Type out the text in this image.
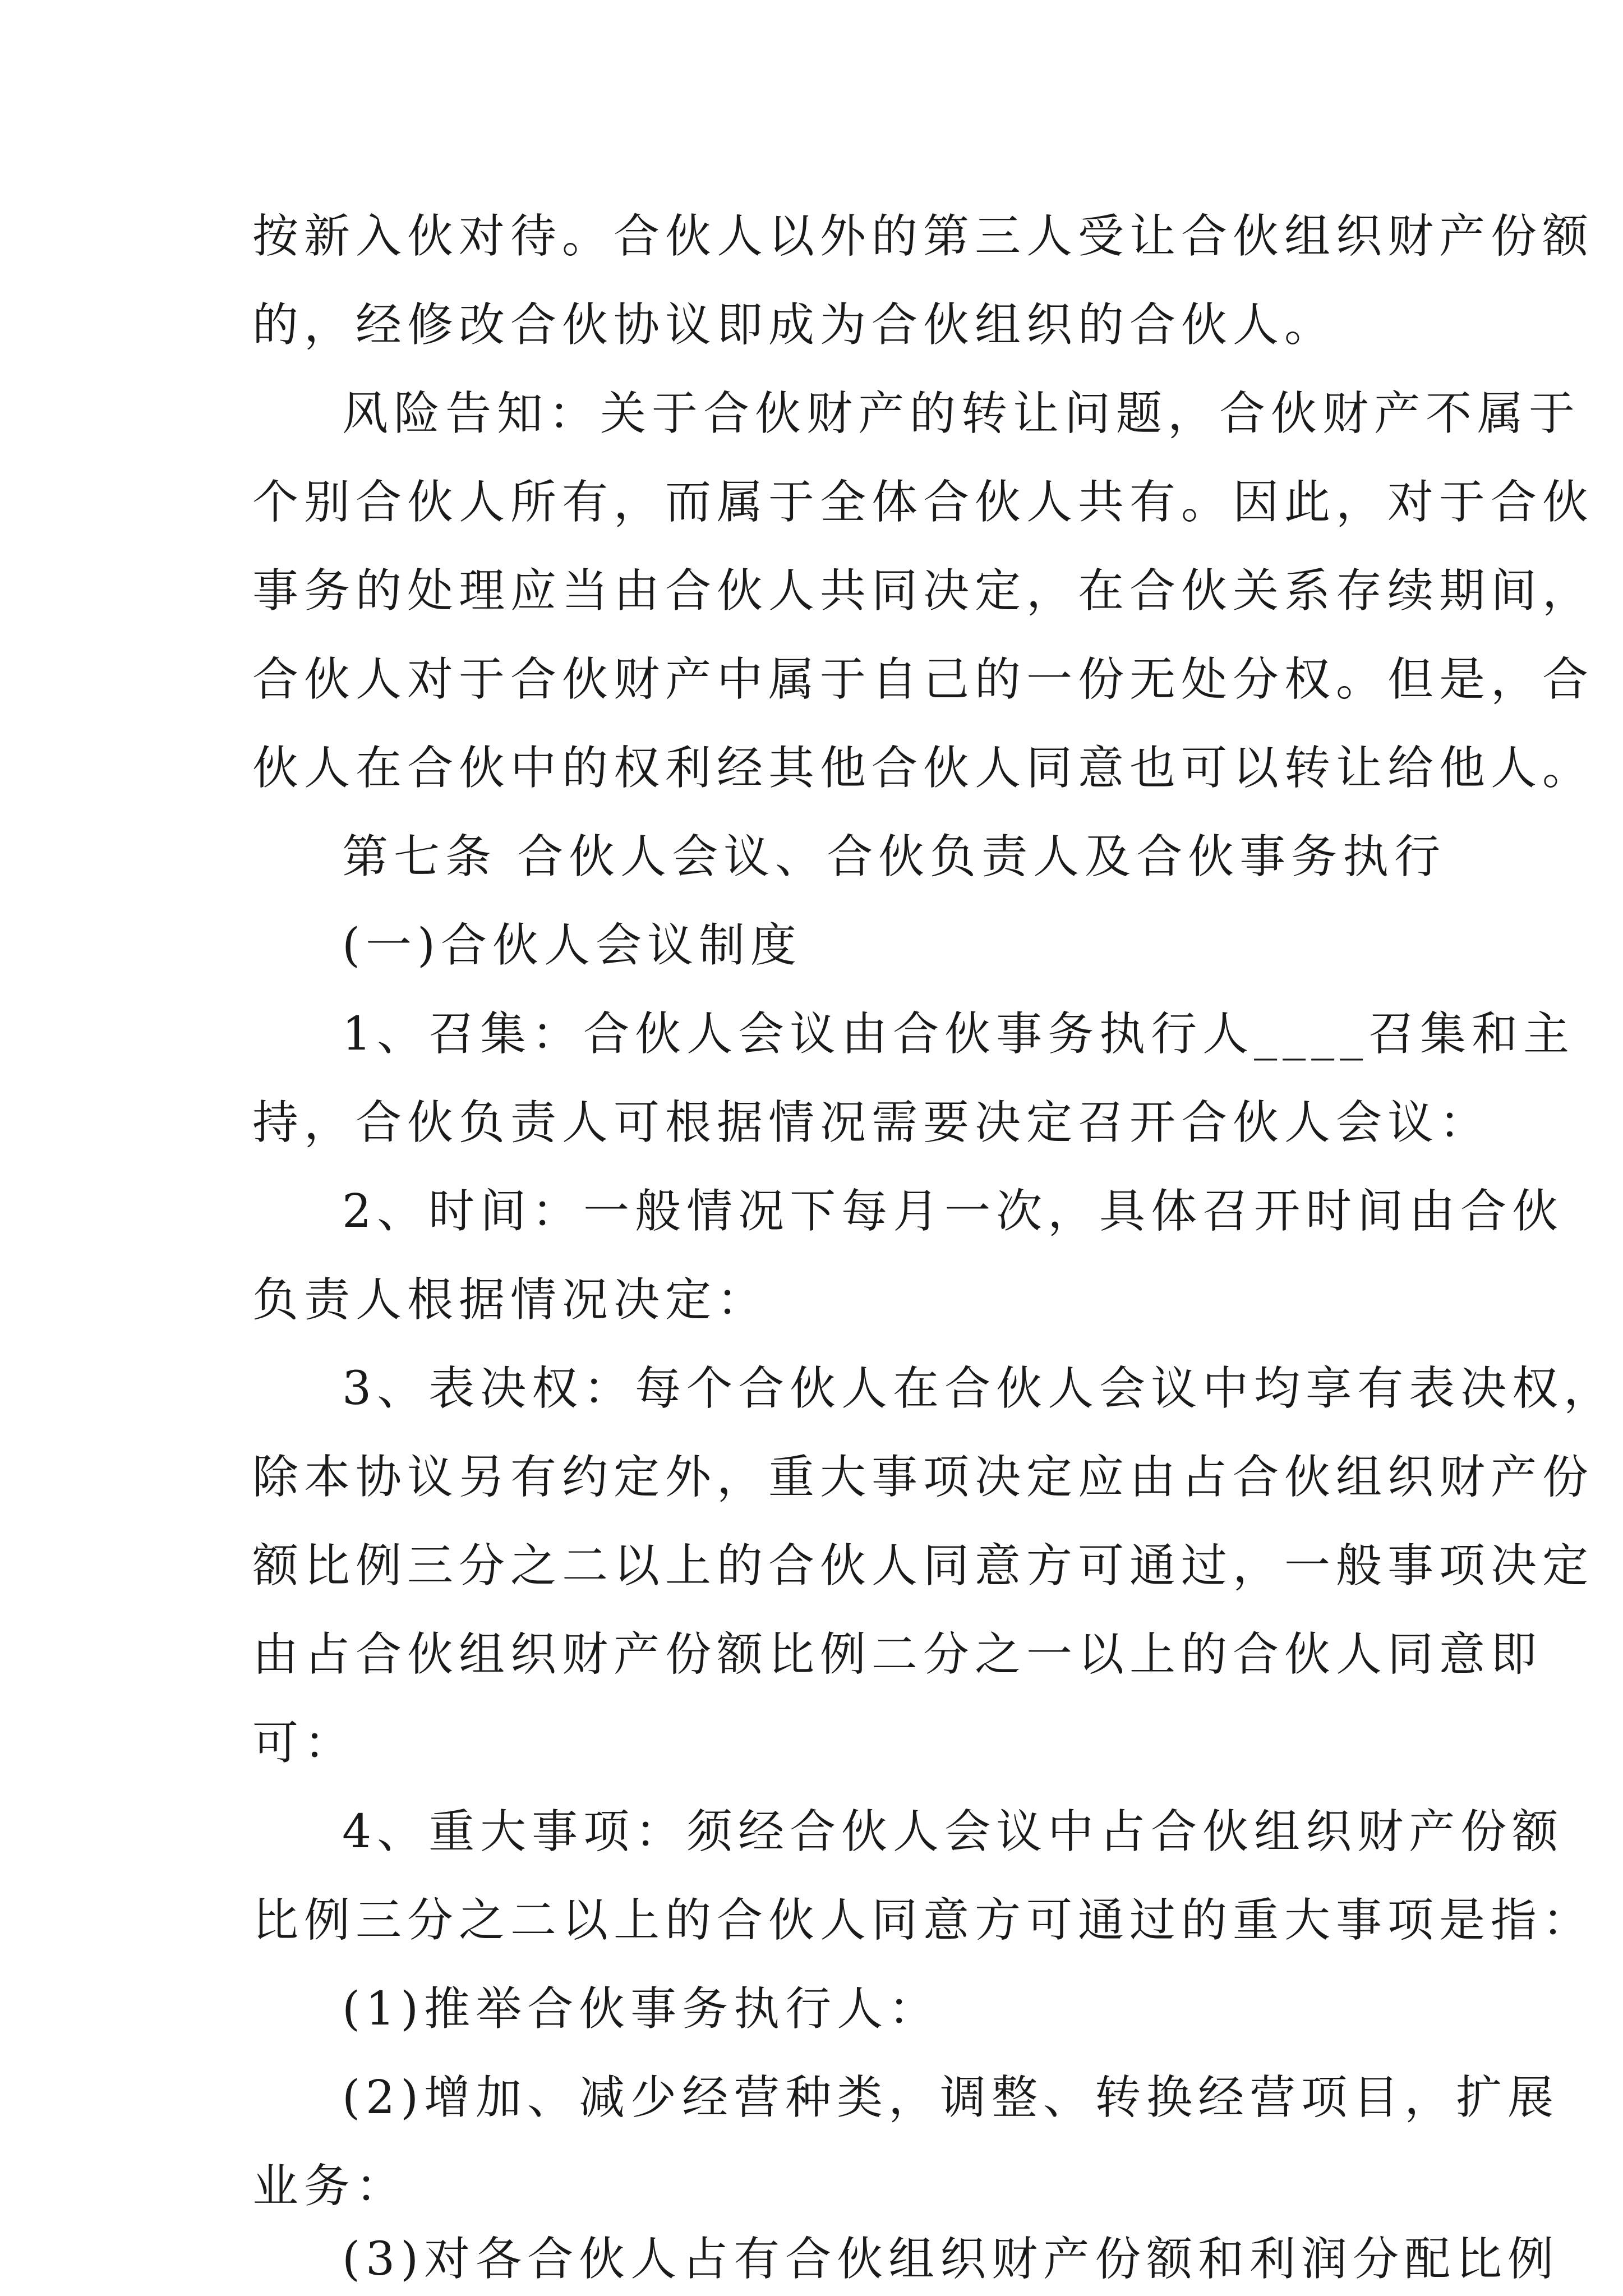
按新入伙对待。合伙人以外的第三人受让合伙组织财产份额
的，经修改合伙协议即成为合伙组织的合伙人。
风险告知：关于合伙财产的转让问题，合伙财产不属于
个别合伙人所有，而属于全体合伙人共有。因此，对于合伙
事务的处理应当由合伙人共同决定，在合伙关系存续期间，
合伙人对于合伙财产中属于自己的一份无处分权。但是，合
伙人在合伙中的权利经其他合伙人同意也可以转让给他人。
第七条 合伙人会议、合伙负责人及合伙事务执行
(一)合伙人会议制度
1、召集：合伙人会议由合伙事务执行人____召集和主
持，合伙负责人可根据情况需要决定召开合伙人会议：
2、时间：一般情况下每月一次，具体召开时间由合伙
负责人根据情况决定：
3、表决权：每个合伙人在合伙人会议中均享有表决权，
除本协议另有约定外，重大事项决定应由占合伙组织财产份
额比例三分之二以上的合伙人同意方可通过，一般事项决定
由占合伙组织财产份额比例二分之一以上的合伙人同意即
可：
4、重大事项：须经合伙人会议中占合伙组织财产份额
比例三分之二以上的合伙人同意方可通过的重大事项是指：
(1)推举合伙事务执行人：
(2)增加、减少经营种类，调整、转换经营项目，扩展
业务：
(3)对各合伙人占有合伙组织财产份额和利润分配比例
